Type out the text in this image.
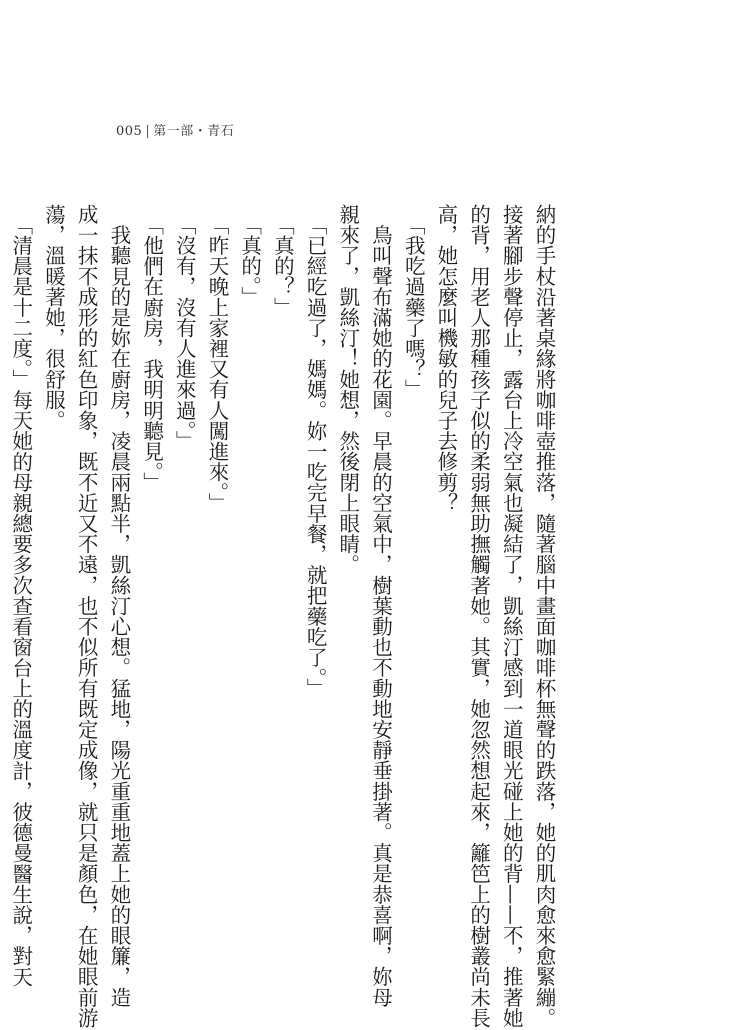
005 | 第一部・青石

納的手杖沿著桌緣將咖啡壺推落，隨著腦中畫面咖啡杯無聲的跌落，她的肌肉愈來愈緊繃。

接著腳步聲停止，露台上冷空氣也凝結了，凱絲汀感到一道眼光碰上她的背——不，推著她

的背，用老人那種孩子似的柔弱無助撫觸著她。其實，她忽然想起來，籬笆上的樹叢尚未長

高，她怎麼叫機敏的兒子去修剪？

　「我吃過藥了嗎？」

　鳥叫聲布滿她的花園。早晨的空氣中，樹葉動也不動地安靜垂掛著。真是恭喜啊，妳母

親來了，凱絲汀！她想，然後閉上眼睛。

　「已經吃過了，媽媽。妳一吃完早餐，就把藥吃了。」

　「真的？」

　「真的。」

　「昨天晚上家裡又有人闖進來。」

　「沒有，沒有人進來過。」

　「他們在廚房，我明明聽見。」

　我聽見的是妳在廚房，凌晨兩點半，凱絲汀心想。猛地，陽光重重地蓋上她的眼簾，造

成一抹不成形的紅色印象，既不近又不遠，也不似所有既定成像，就只是顏色，在她眼前游

蕩，溫暖著她，很舒服。

　「清晨是十二度。」每天她的母親總要多次查看窗台上的溫度計，彼德曼醫生說，對天
